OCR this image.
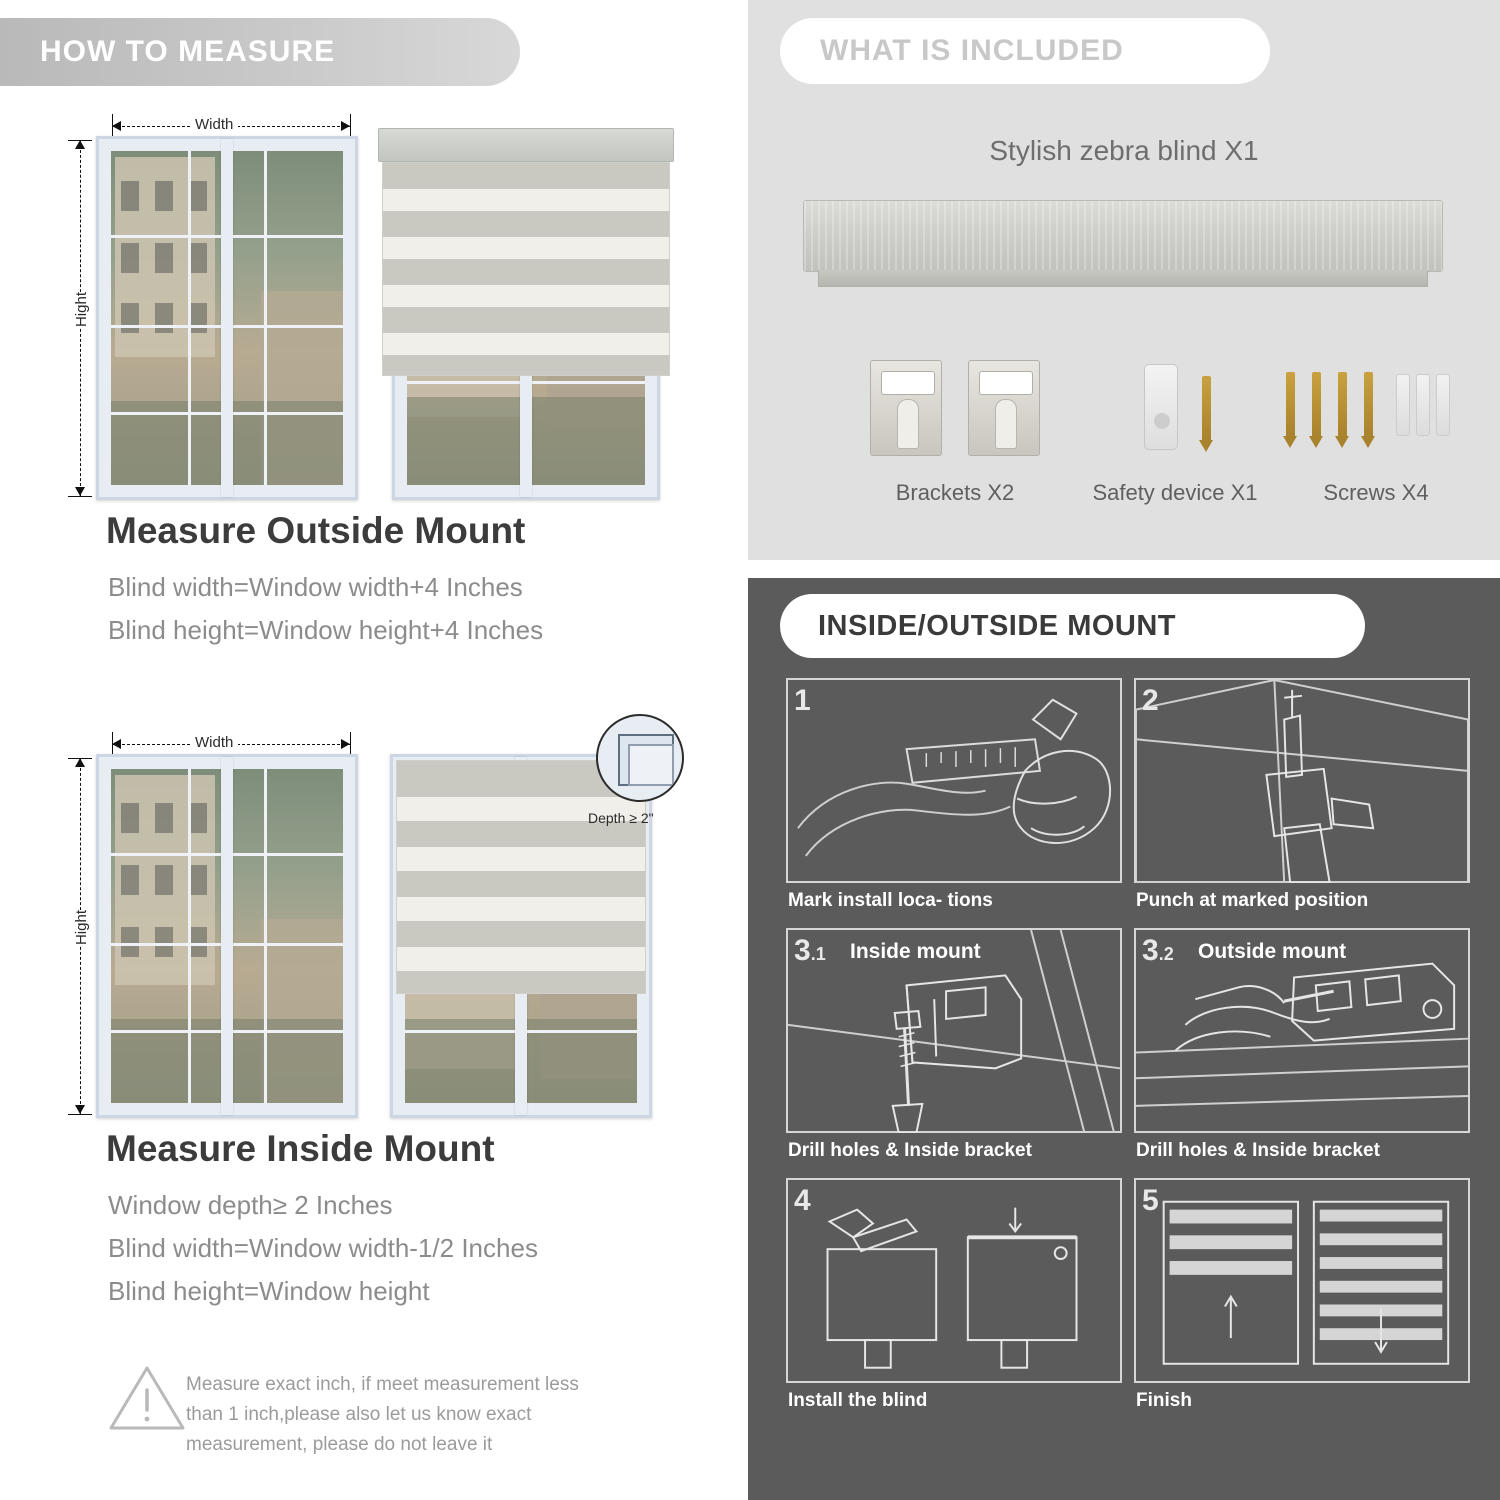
HOW TO MEASURE
Width
Hight
Measure Outside Mount
Blind width=Window width+4 Inches
Blind height=Window height+4 Inches
Width
Hight
Depth ≥ 2"
Measure Inside Mount
Window depth≥ 2 Inches
Blind width=Window width-1/2 Inches
Blind height=Window height
Measure exact inch, if meet measurement less
than 1 inch,please also let us know exact
measurement, please do not leave it
WHAT IS INCLUDED
Stylish zebra blind X1
Brackets X2	Safety device X1	Screws X4
INSIDE/OUTSIDE MOUNT
1
Mark install loca- tions
2
Punch at marked position
3.1 Inside mount
Drill holes & Inside bracket
3.2 Outside mount
Drill holes & Inside bracket
4
Install the blind
5
Finish
